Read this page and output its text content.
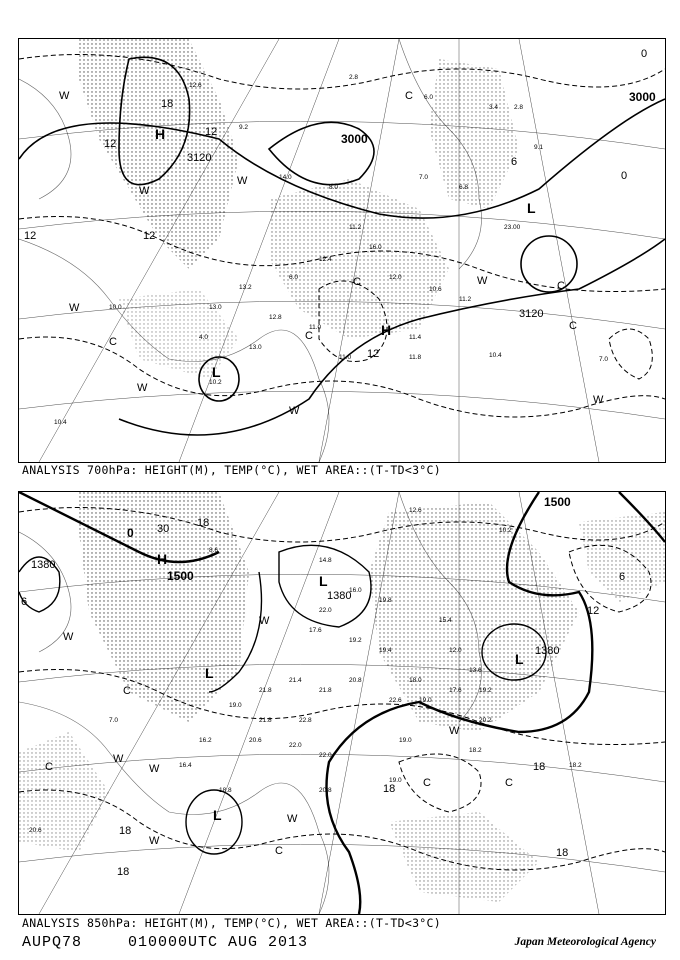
12.6
9.2
2.8
6.0
3.4 2.8
9.1
14.0
8.0
7.0
6.8
23.00
11.2
16.0
12.4
6.0	12.0
10.6
11.2
13.2
13.0
12.8
11.0
4.0
13.0
11.0
11.4
10.4
11.8
10.2
10.4
10.0
7.0
3000
3000
3120
3120
12
18
12
12
0
6
12
0
12
H
H
L
L
W
W
W
W
W
W
W
W
C
C	C
C	C
C
ANALYSIS 700hPa: HEIGHT(M), TEMP(°C), WET AREA::(T-TD<3°C)
8.6
14.8
16.0
19.8
12.6
10.2
22.0
17.6
19.2
19.4
15.4
12.0
13.6
18.0
17.6	19.2
21.4
21.8	21.8
20.8
19.0
22.6	19.0
20.2
21.8	22.8
20.6
16.2
22.0
22.0
19.0
18.2
18.2
16.4
18.8	20.8
19.0
7.0
20.6
1500
1500
1380
1380
1380
0 30	18
6
12
18
18
18
18
18
6
H
L
L
L
L
W
W
W
W
W
W
W
C
C
C
C	C
ANALYSIS 850hPa: HEIGHT(M), TEMP(°C), WET AREA::(T-TD<3°C)
AUPQ78	010000UTC AUG 2013	Japan Meteorological Agency
